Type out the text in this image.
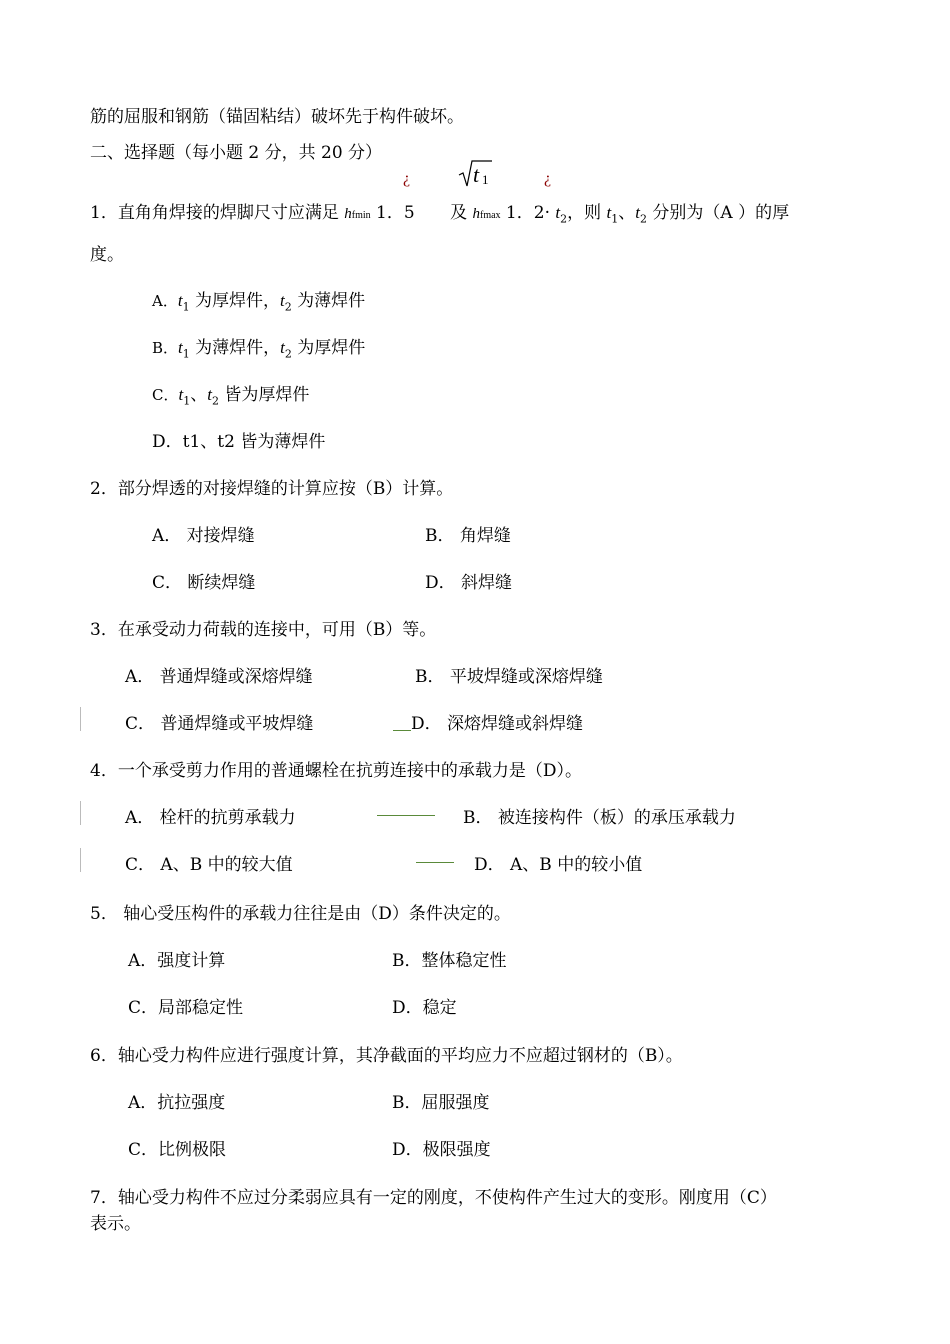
筋的屈服和钢筋（锚固粘结）破坏先于构件破坏。
二、选择题（每小题 2 分，共 20 分）
¿	¿
t 1
1．直角角焊接的焊脚尺寸应满足 hfmin 1．5 及 hfmax 1．$2\cdot t_2$，则 $t_1$、$t_2$ 分别为（A ）的厚
度。
A．$t_1$ 为厚焊件，$t_2$ 为薄焊件
B．$t_1$ 为薄焊件，$t_2$ 为厚焊件
C．$t_1$、$t_2$ 皆为厚焊件
D．t1、t2 皆为薄焊件
2．部分焊透的对接焊缝的计算应按（B）计算。
A． 对接焊缝	B． 角焊缝
C． 断续焊缝	D． 斜焊缝
3．在承受动力荷载的连接中，可用（B）等。
A． 普通焊缝或深熔焊缝	B． 平坡焊缝或深熔焊缝
C． 普通焊缝或平坡焊缝	D． 深熔焊缝或斜焊缝
4．一个承受剪力作用的普通螺栓在抗剪连接中的承载力是（D）。
A． 栓杆的抗剪承载力	B． 被连接构件（板）的承压承载力
C． A、B 中的较大值	D． A、B 中的较小值
5． 轴心受压构件的承载力往往是由（D）条件决定的。
A．强度计算	B．整体稳定性
C．局部稳定性	D．稳定
6．轴心受力构件应进行强度计算，其净截面的平均应力不应超过钢材的（B）。
A．抗拉强度	B．屈服强度
C．比例极限	D．极限强度
7．轴心受力构件不应过分柔弱应具有一定的刚度，不使构件产生过大的变形。刚度用（C）
表示。
